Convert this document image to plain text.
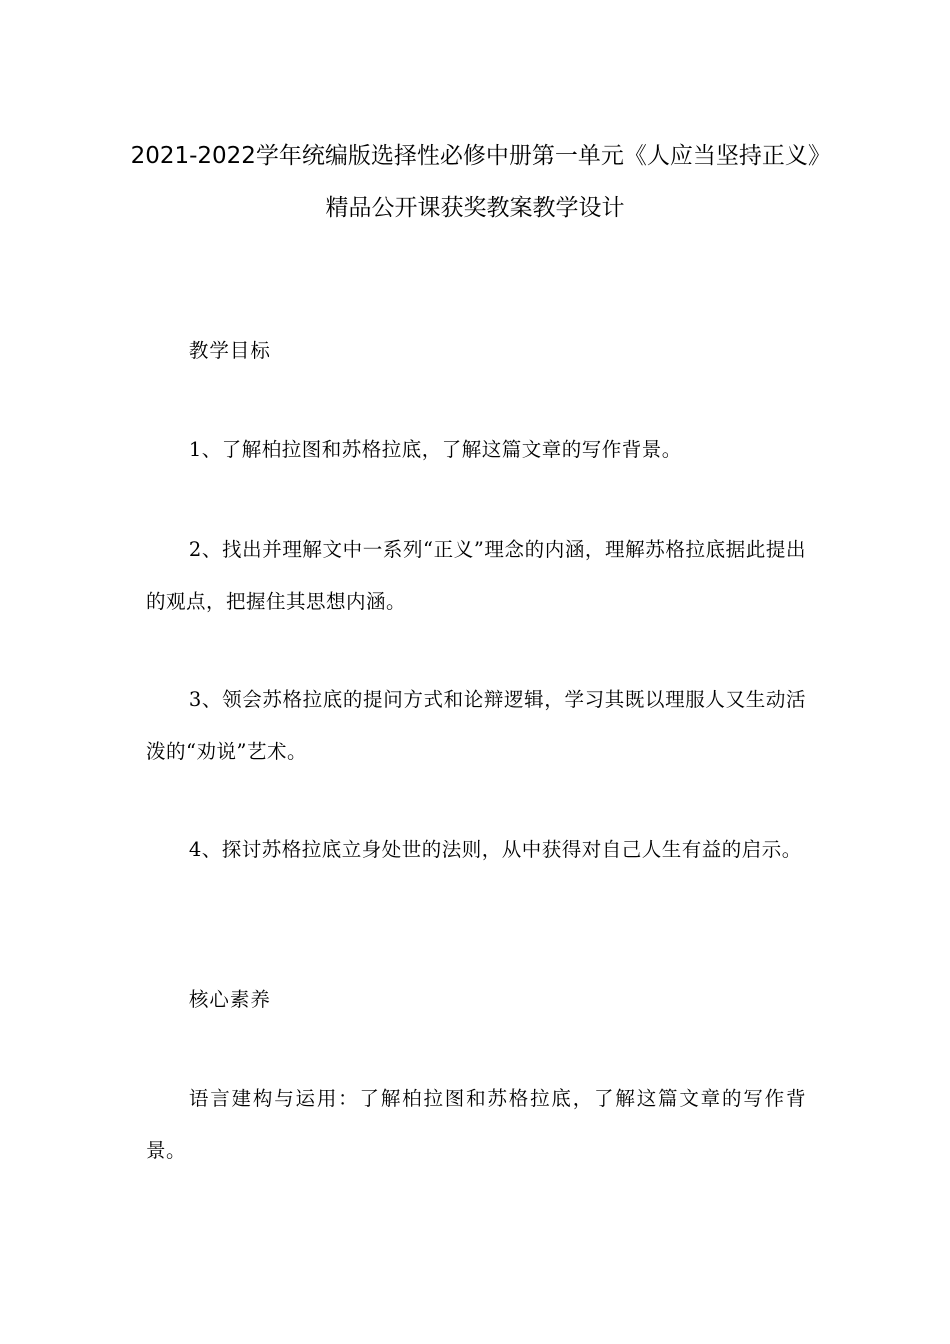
2021-2022学年统编版选择性必修中册第一单元《人应当坚持正义》精品公开课获奖教案教学设计

教学目标

1、了解柏拉图和苏格拉底，了解这篇文章的写作背景。

2、找出并理解文中一系列“正义”理念的内涵，理解苏格拉底据此提出的观点，把握住其思想内涵。

3、领会苏格拉底的提问方式和论辩逻辑，学习其既以理服人又生动活泼的“劝说”艺术。

4、探讨苏格拉底立身处世的法则，从中获得对自己人生有益的启示。

核心素养

语言建构与运用：了解柏拉图和苏格拉底，了解这篇文章的写作背景。
